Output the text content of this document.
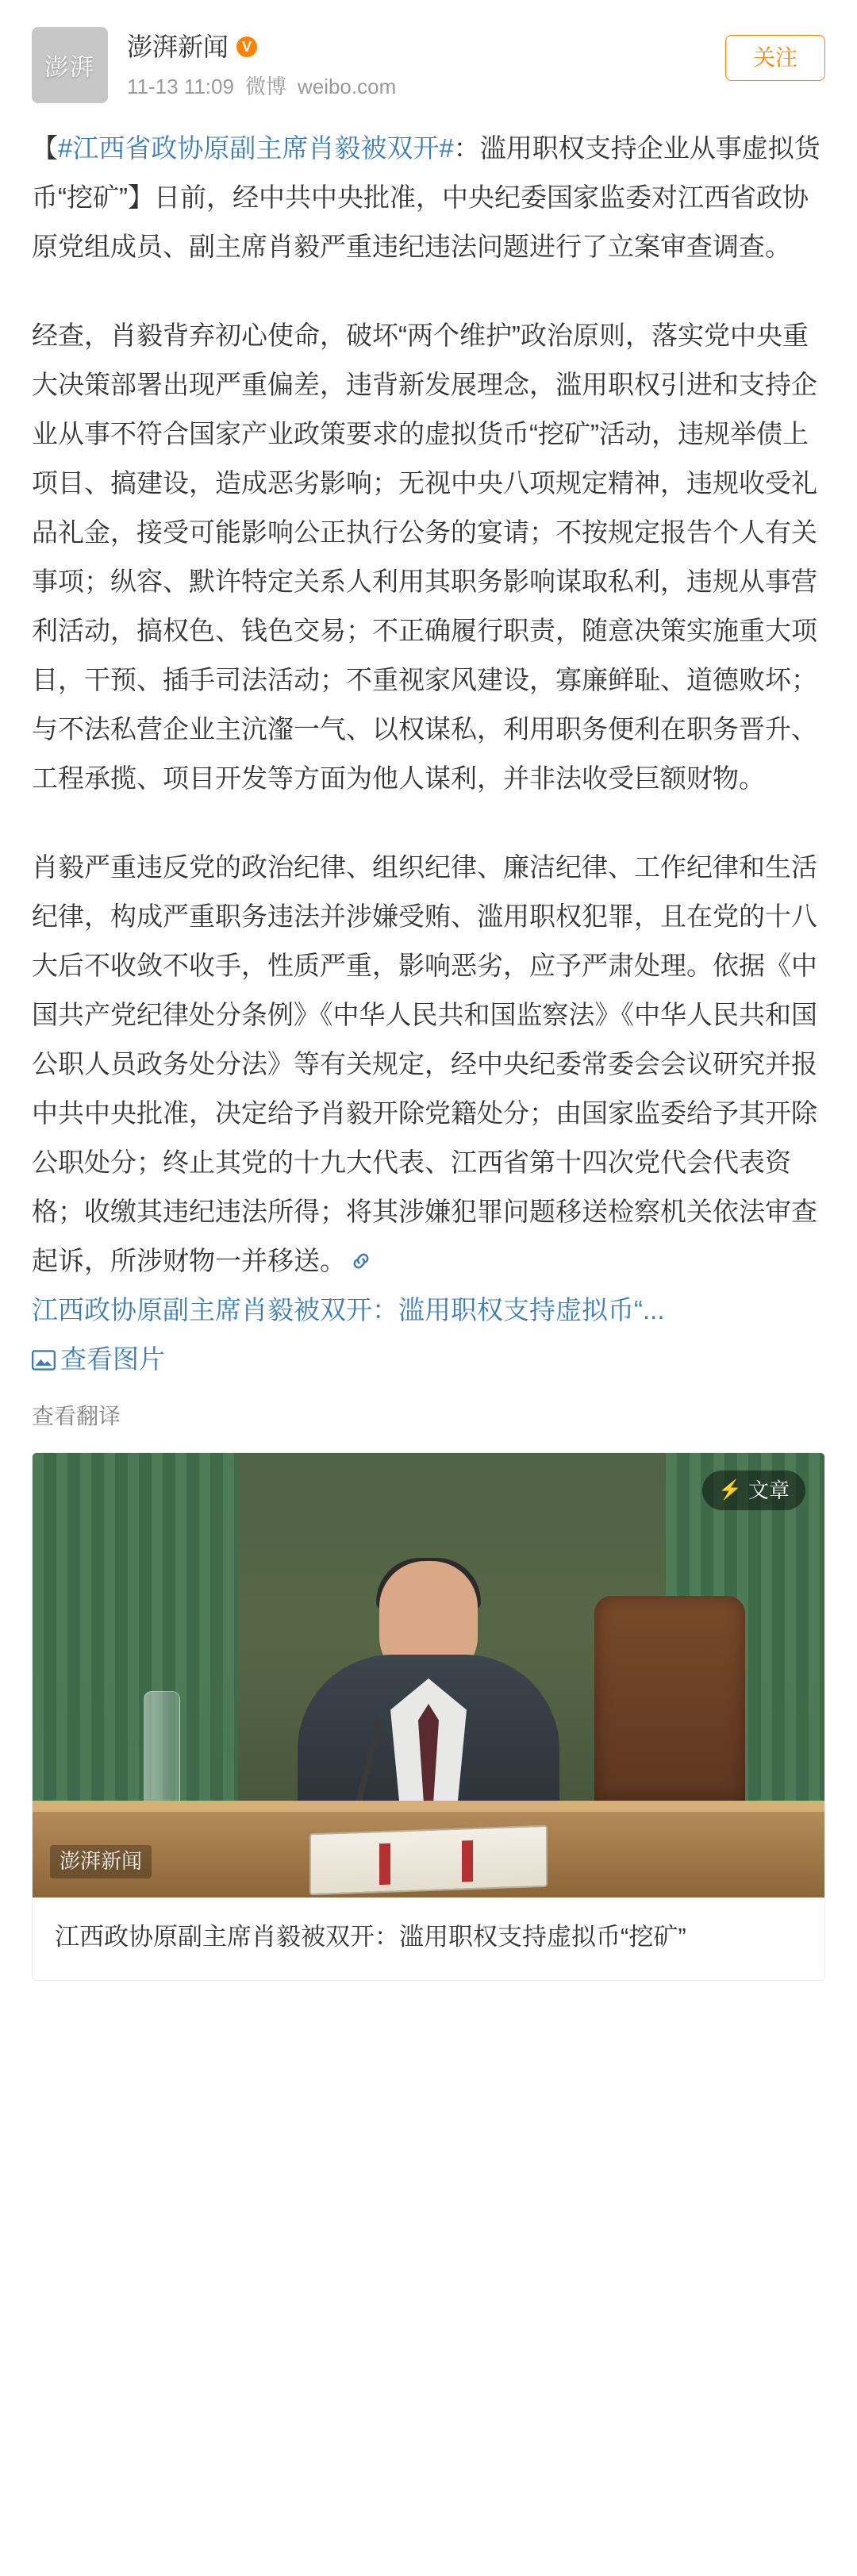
澎湃
澎湃新闻
V
11-13 11:09 微博 weibo.com
关注

【#江西省政协原副主席肖毅被双开#：滥用职权支持企业从事虚拟货币“挖矿”】日前，经中共中央批准，中央纪委国家监委对江西省政协原党组成员、副主席肖毅严重违纪违法问题进行了立案审查调查。

经查，肖毅背弃初心使命，破坏“两个维护”政治原则，落实党中央重大决策部署出现严重偏差，违背新发展理念，滥用职权引进和支持企业从事不符合国家产业政策要求的虚拟货币“挖矿”活动，违规举债上项目、搞建设，造成恶劣影响；无视中央八项规定精神，违规收受礼品礼金，接受可能影响公正执行公务的宴请；不按规定报告个人有关事项；纵容、默许特定关系人利用其职务影响谋取私利，违规从事营利活动，搞权色、钱色交易；不正确履行职责，随意决策实施重大项目，干预、插手司法活动；不重视家风建设，寡廉鲜耻、道德败坏；与不法私营企业主沆瀣一气、以权谋私，利用职务便利在职务晋升、工程承揽、项目开发等方面为他人谋利，并非法收受巨额财物。

肖毅严重违反党的政治纪律、组织纪律、廉洁纪律、工作纪律和生活纪律，构成严重职务违法并涉嫌受贿、滥用职权犯罪，且在党的十八大后不收敛不收手，性质严重，影响恶劣，应予严肃处理。依据《中国共产党纪律处分条例》《中华人民共和国监察法》《中华人民共和国公职人员政务处分法》等有关规定，经中央纪委常委会会议研究并报中共中央批准，决定给予肖毅开除党籍处分；由国家监委给予其开除公职处分；终止其党的十九大代表、江西省第十四次党代会代表资格；收缴其违纪违法所得；将其涉嫌犯罪问题移送检察机关依法审查起诉，所涉财物一并移送。
江西政协原副主席肖毅被双开：滥用职权支持虚拟币“...
查看图片

查看翻译
⚡ 文章
澎湃新闻
江西政协原副主席肖毅被双开：滥用职权支持虚拟币“挖矿”
